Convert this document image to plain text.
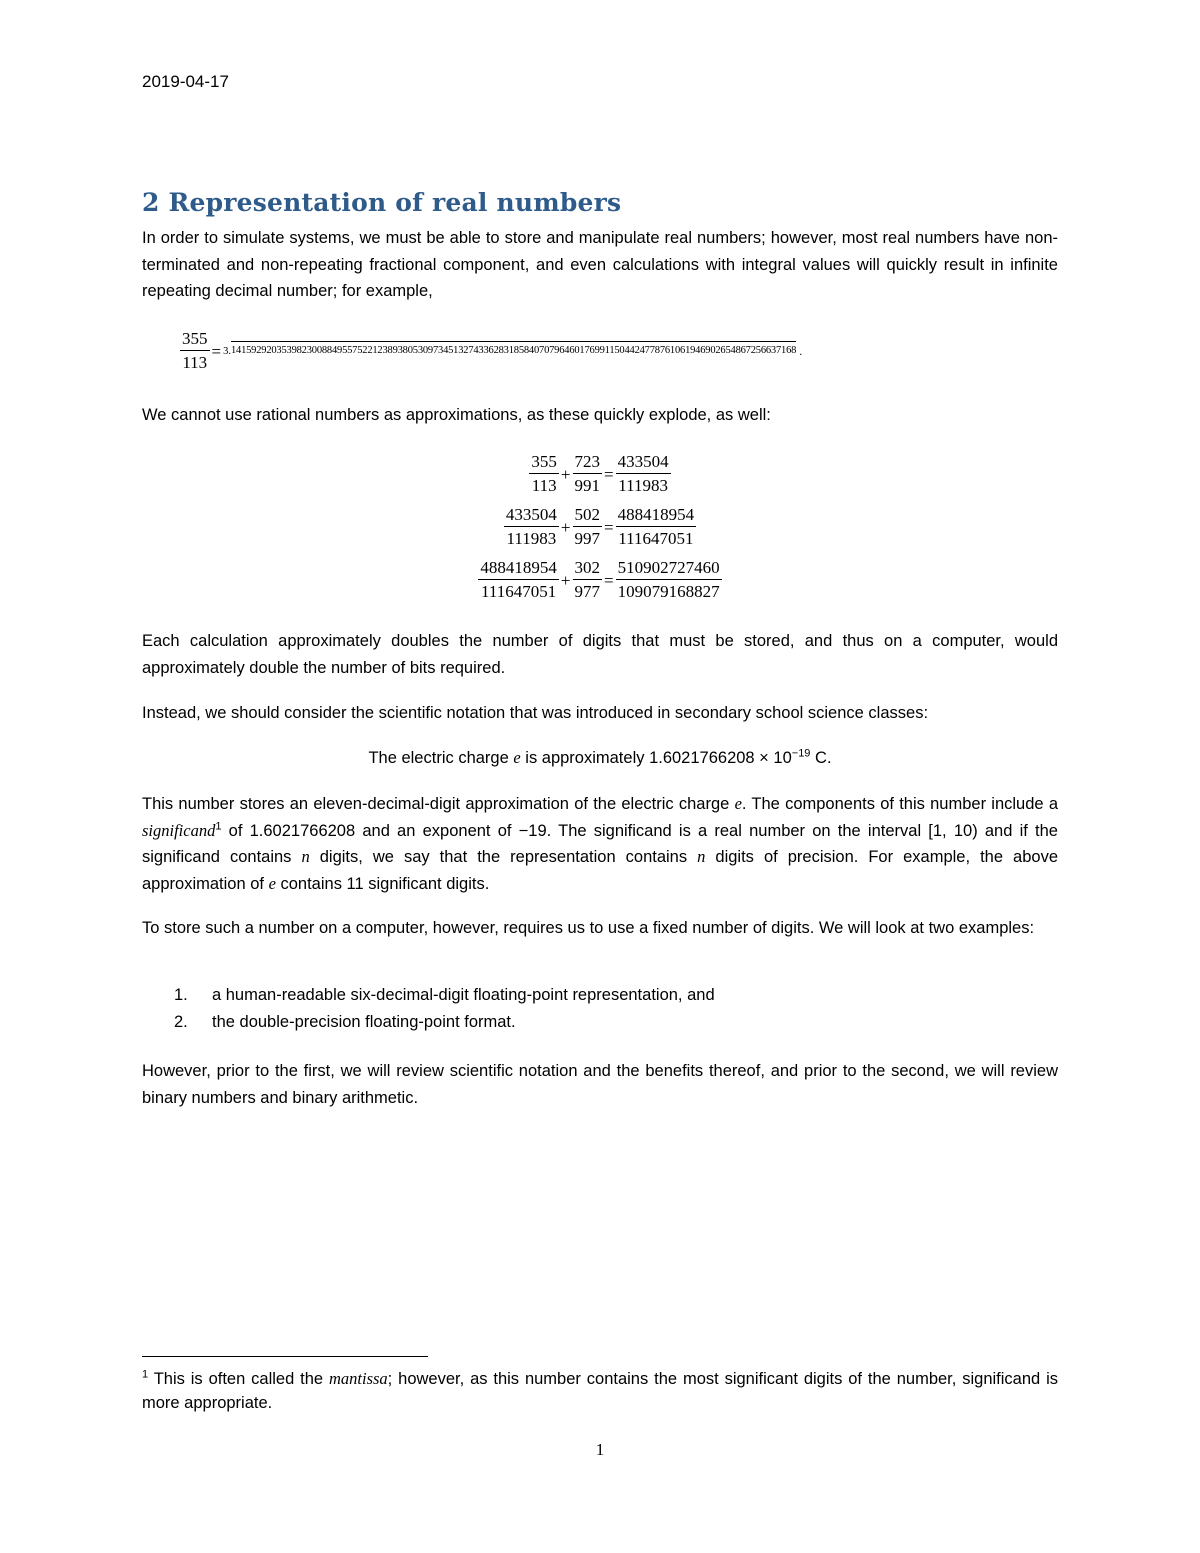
2019-04-17
2 Representation of real numbers

In order to simulate systems, we must be able to store and manipulate real numbers; however, most real numbers have non-terminated and non-repeating fractional component, and even calculations with integral values will quickly result in infinite repeating decimal number; for example,

$\frac{355}{113} = 3$. 1415929203539823008849557522123893805309734513274336283185840707964601769911504424778761061946902654867256637168 .

We cannot use rational numbers as approximations, as these quickly explode, as well:

$\frac{355}{113} + \frac{723}{991} = \frac{433504}{111983}$
$\frac{433504}{111983} + \frac{502}{997} = \frac{488418954}{111647051}$
$\frac{488418954}{111647051} + \frac{302}{977} = \frac{510902727460}{109079168827}$

Each calculation approximately doubles the number of digits that must be stored, and thus on a computer, would approximately double the number of bits required.

Instead, we should consider the scientific notation that was introduced in secondary school science classes:

The electric charge e is approximately $1.6021766208 \times 10^{-19}$ C.

This number stores an eleven-decimal-digit approximation of the electric charge e. The components of this number include a significand$^1$ of 1.6021766208 and an exponent of −19. The significand is a real number on the interval [1, 10) and if the significand contains n digits, we say that the representation contains n digits of precision. For example, the above approximation of e contains 11 significant digits.

To store such a number on a computer, however, requires us to use a fixed number of digits. We will look at two examples:

1. a human-readable six-decimal-digit floating-point representation, and
2. the double-precision floating-point format.

However, prior to the first, we will review scientific notation and the benefits thereof, and prior to the second, we will review binary numbers and binary arithmetic.

$^1$ This is often called the mantissa; however, as this number contains the most significant digits of the number, significand is more appropriate.
1
